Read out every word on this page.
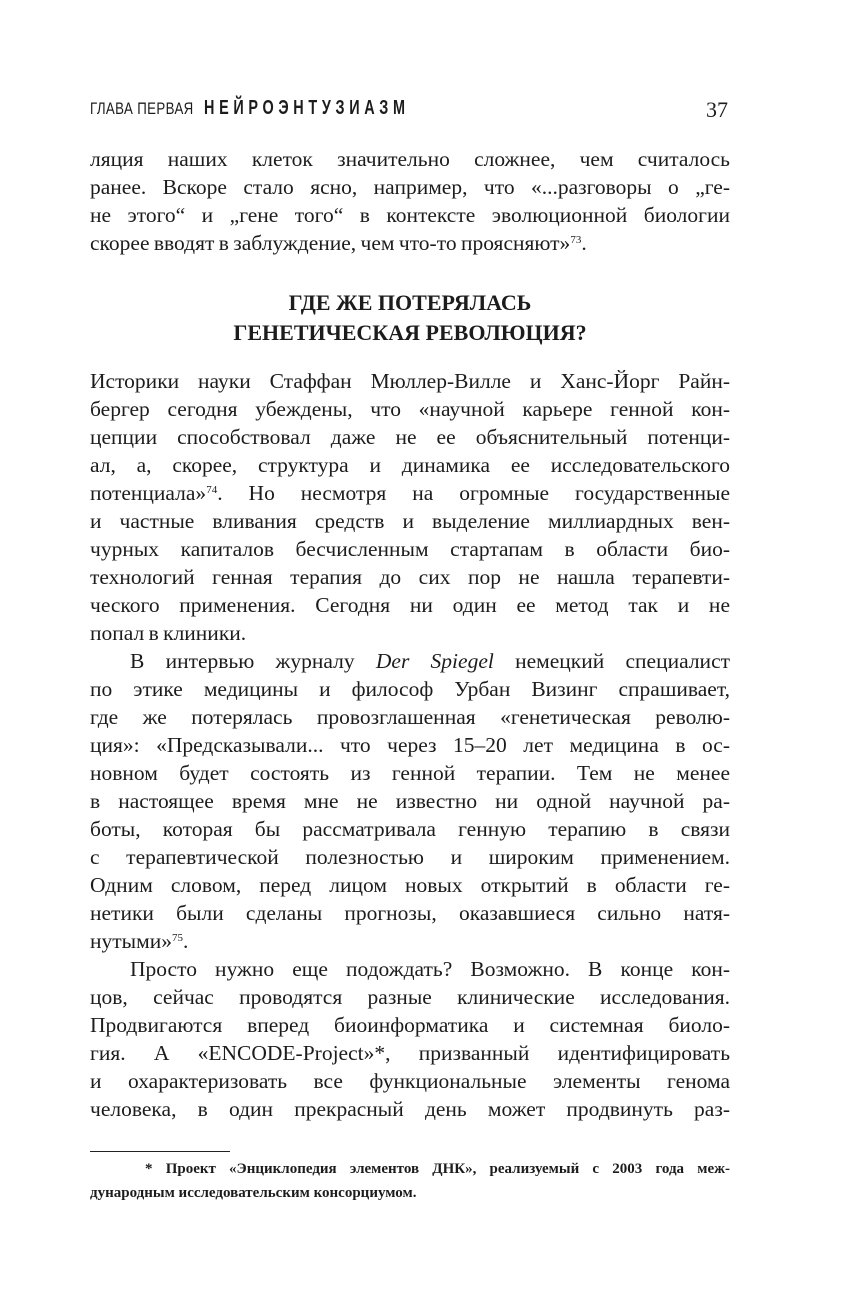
ГЛАВА ПЕРВАЯ НЕЙРОЭНТУЗИАЗМ	37
ляция наших клеток значительно сложнее, чем считалось
ранее. Вскоре стало ясно, например, что «...разговоры о „ге-
не этого“ и „гене того“ в контексте эволюционной биологии
скорее вводят в заблуждение, чем что-то проясняют»$^{73}$.
ГДЕ ЖЕ ПОТЕРЯЛАСЬ
ГЕНЕТИЧЕСКАЯ РЕВОЛЮЦИЯ?
Историки науки Стаффан Мюллер-Вилле и Ханс-Йорг Райн-
бергер сегодня убеждены, что «научной карьере генной кон-
цепции способствовал даже не ее объяснительный потенци-
ал, а, скорее, структура и динамика ее исследовательского
потенциала»$^{74}$. Но несмотря на огромные государственные
и частные вливания средств и выделение миллиардных вен-
чурных капиталов бесчисленным стартапам в области био-
технологий генная терапия до сих пор не нашла терапевти-
ческого применения. Сегодня ни один ее метод так и не
попал в клиники.
В интервью журналу Der Spiegel немецкий специалист
по этике медицины и философ Урбан Визинг спрашивает,
где же потерялась провозглашенная «генетическая револю-
ция»: «Предсказывали... что через 15–20 лет медицина в ос-
новном будет состоять из генной терапии. Тем не менее
в настоящее время мне не известно ни одной научной ра-
боты, которая бы рассматривала генную терапию в связи
с терапевтической полезностью и широким применением.
Одним словом, перед лицом новых открытий в области ге-
нетики были сделаны прогнозы, оказавшиеся сильно натя-
нутыми»$^{75}$.
Просто нужно еще подождать? Возможно. В конце кон-
цов, сейчас проводятся разные клинические исследования.
Продвигаются вперед биоинформатика и системная биоло-
гия. А «ENCODE-Project»*, призванный идентифицировать
и охарактеризовать все функциональные элементы генома
человека, в один прекрасный день может продвинуть раз-
* Проект «Энциклопедия элементов ДНК», реализуемый с 2003 года меж-
дународным исследовательским консорциумом.
